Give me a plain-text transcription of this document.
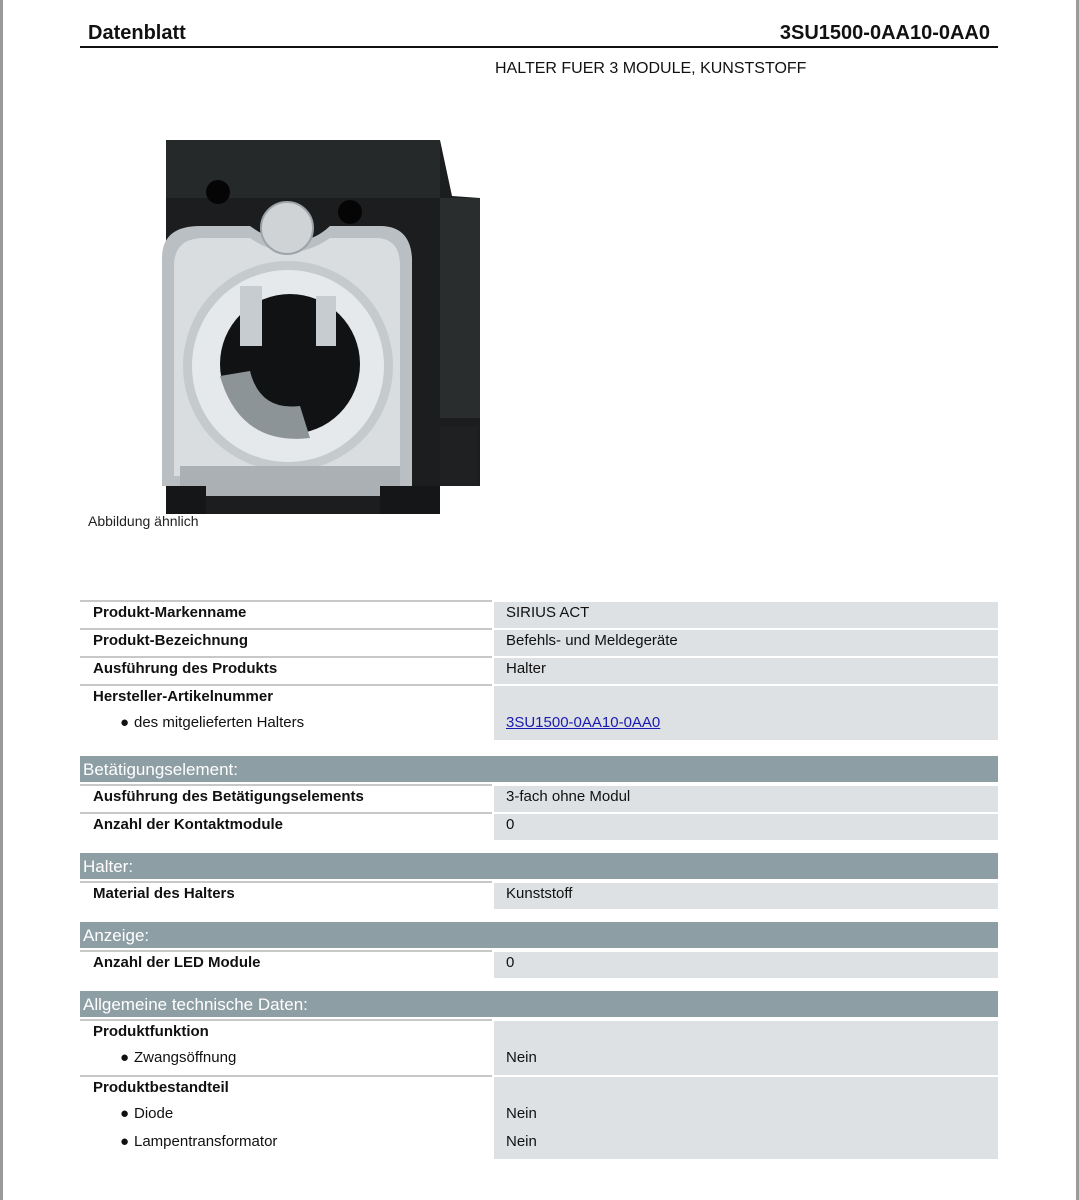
Datenblatt	3SU1500-0AA10-0AA0
HALTER FUER 3 MODULE, KUNSTSTOFF
Abbildung ähnlich
Produkt-Markenname	SIRIUS ACT
Produkt-Bezeichnung	Befehls- und Meldegeräte
Ausführung des Produkts	Halter
Hersteller-Artikelnummer
● des mitgelieferten Halters	3SU1500-0AA10-0AA0
Betätigungselement:
Ausführung des Betätigungselements	3-fach ohne Modul
Anzahl der Kontaktmodule	0
Halter:
Material des Halters	Kunststoff
Anzeige:
Anzahl der LED Module	0
Allgemeine technische Daten:
Produktfunktion
● Zwangsöffnung	Nein
Produktbestandteil
● Diode	Nein
● Lampentransformator	Nein
